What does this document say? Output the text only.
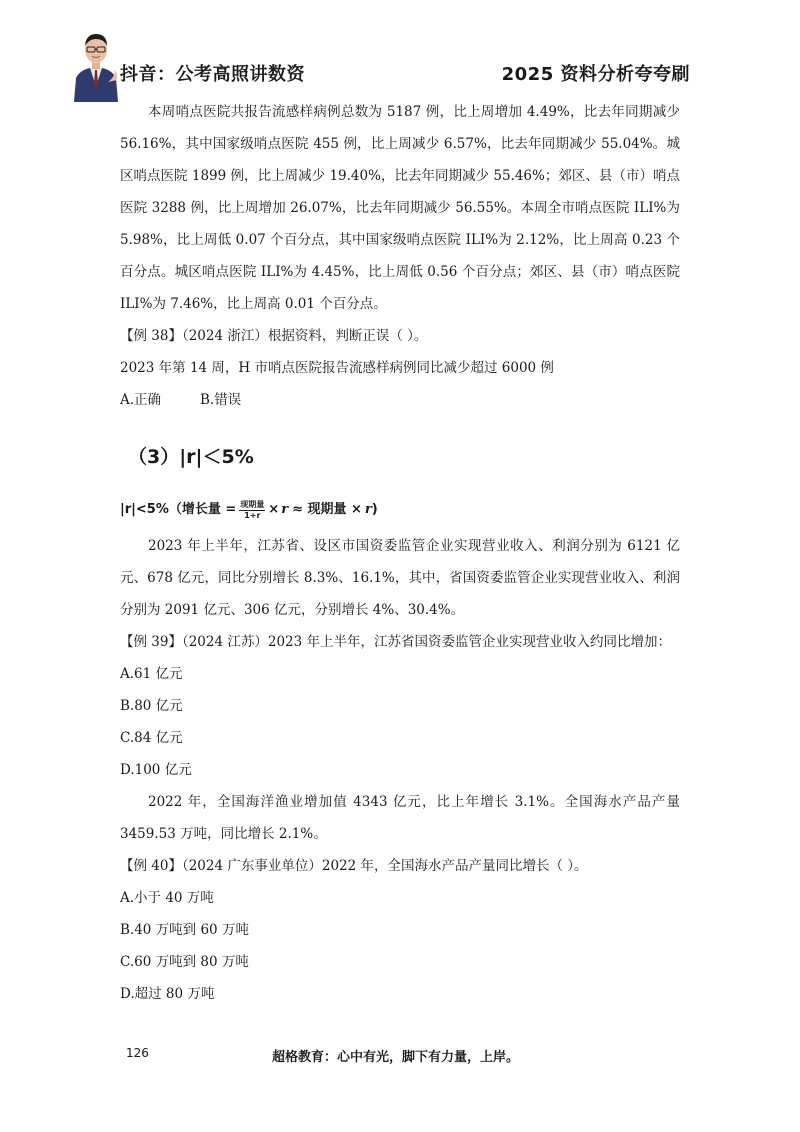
抖音：公考高照讲数资	2025 资料分析夸夸刷

本周哨点医院共报告流感样病例总数为 5187 例，比上周增加 4.49%，比去年同期减少 56.16%，其中国家级哨点医院 455 例，比上周减少 6.57%，比去年同期减少 55.04%。城区哨点医院 1899 例，比上周减少 19.40%，比去年同期减少 55.46%；郊区、县（市）哨点医院 3288 例，比上周增加 26.07%，比去年同期减少 56.55%。本周全市哨点医院 ILI%为 5.98%，比上周低 0.07 个百分点，其中国家级哨点医院 ILI%为 2.12%，比上周高 0.23 个百分点。城区哨点医院 ILI%为 4.45%，比上周低 0.56 个百分点；郊区、县（市）哨点医院 ILI%为 7.46%，比上周高 0.01 个百分点。

【例 38】（2024 浙江）根据资料，判断正误（ ）。

2023 年第 14 周，H 市哨点医院报告流感样病例同比减少超过 6000 例

A.正确	B.错误

（3）|r|＜5%
|r|<5%（增长量 = $\frac{\text{现期量}}{1+r} \times r$ ≈ 现期量 × r )

2023 年上半年，江苏省、设区市国资委监管企业实现营业收入、利润分别为 6121 亿元、678 亿元，同比分别增长 8.3%、16.1%，其中，省国资委监管企业实现营业收入、利润分别为 2091 亿元、306 亿元，分别增长 4%、30.4%。

【例 39】（2024 江苏）2023 年上半年，江苏省国资委监管企业实现营业收入约同比增加：

A.61 亿元

B.80 亿元

C.84 亿元

D.100 亿元

2022 年，全国海洋渔业增加值 4343 亿元，比上年增长 3.1%。全国海水产品产量 3459.53 万吨，同比增长 2.1%。

【例 40】（2024 广东事业单位）2022 年，全国海水产品产量同比增长（ ）。

A.小于 40 万吨

B.40 万吨到 60 万吨

C.60 万吨到 80 万吨

D.超过 80 万吨

126	超格教育：心中有光，脚下有力量，上岸。
